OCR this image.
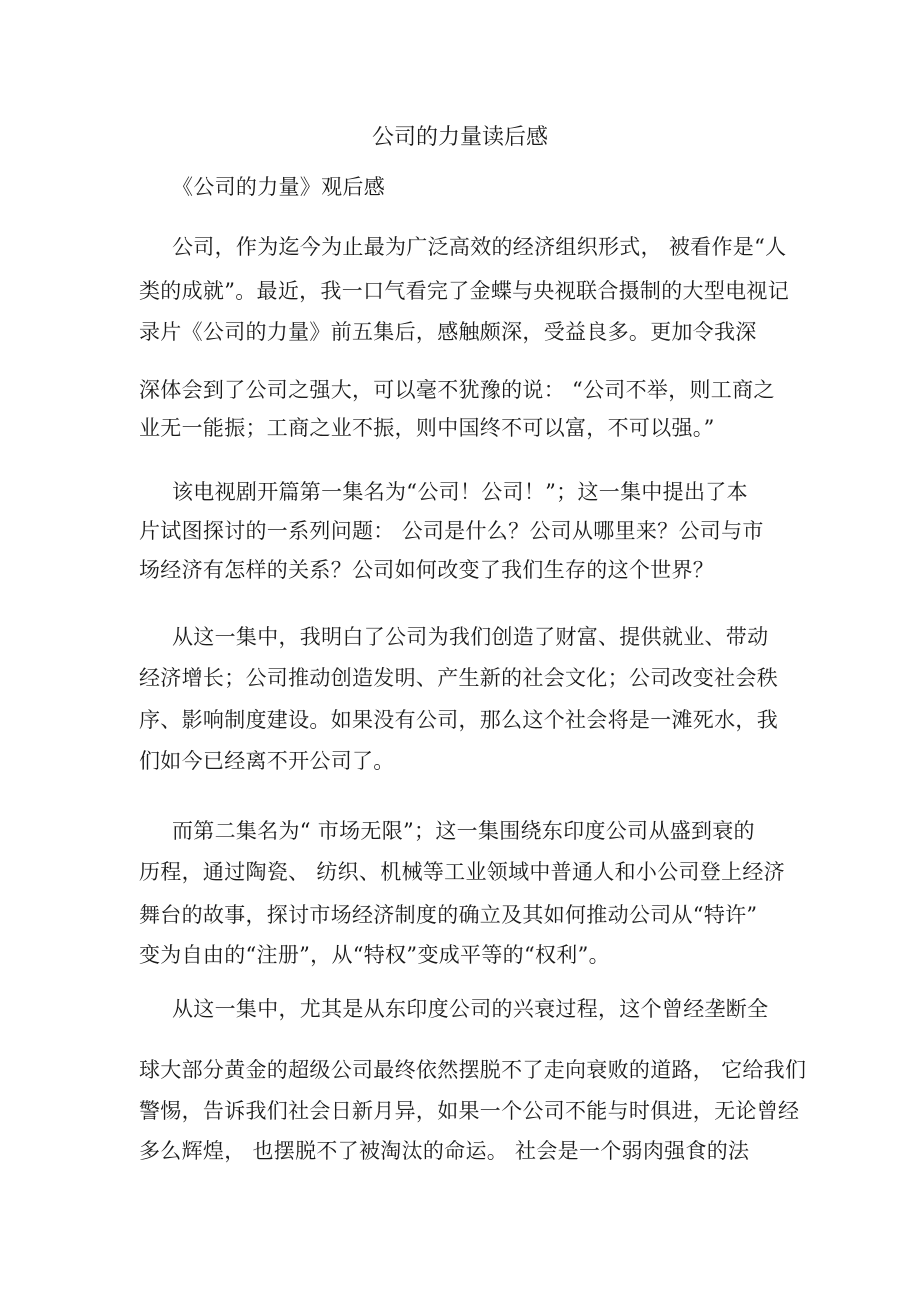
公司的力量读后感
《公司的力量》观后感
公司，作为迄今为止最为广泛高效的经济组织形式， 被看作是“人
类的成就”。最近，我一口气看完了金蝶与央视联合摄制的大型电视记
录片《公司的力量》前五集后，感触颇深，受益良多。更加令我深
深体会到了公司之强大，可以毫不犹豫的说： “公司不举，则工商之
业无一能振；工商之业不振，则中国终不可以富，不可以强。”
该电视剧开篇第一集名为“公司！公司！”；这一集中提出了本
片试图探讨的一系列问题： 公司是什么？公司从哪里来？公司与市
场经济有怎样的关系？公司如何改变了我们生存的这个世界？
从这一集中，我明白了公司为我们创造了财富、提供就业、带动
经济增长；公司推动创造发明、产生新的社会文化；公司改变社会秩
序、影响制度建设。如果没有公司，那么这个社会将是一滩死水，我
们如今已经离不开公司了。
而第二集名为“ 市场无限”；这一集围绕东印度公司从盛到衰的
历程，通过陶瓷、 纺织、机械等工业领域中普通人和小公司登上经济
舞台的故事，探讨市场经济制度的确立及其如何推动公司从“特许”
变为自由的“注册”，从“特权”变成平等的“权利”。
从这一集中，尤其是从东印度公司的兴衰过程，这个曾经垄断全
球大部分黄金的超级公司最终依然摆脱不了走向衰败的道路， 它给我们
警惕，告诉我们社会日新月异，如果一个公司不能与时俱进，无论曾经
多么辉煌， 也摆脱不了被淘汰的命运。 社会是一个弱肉强食的法
